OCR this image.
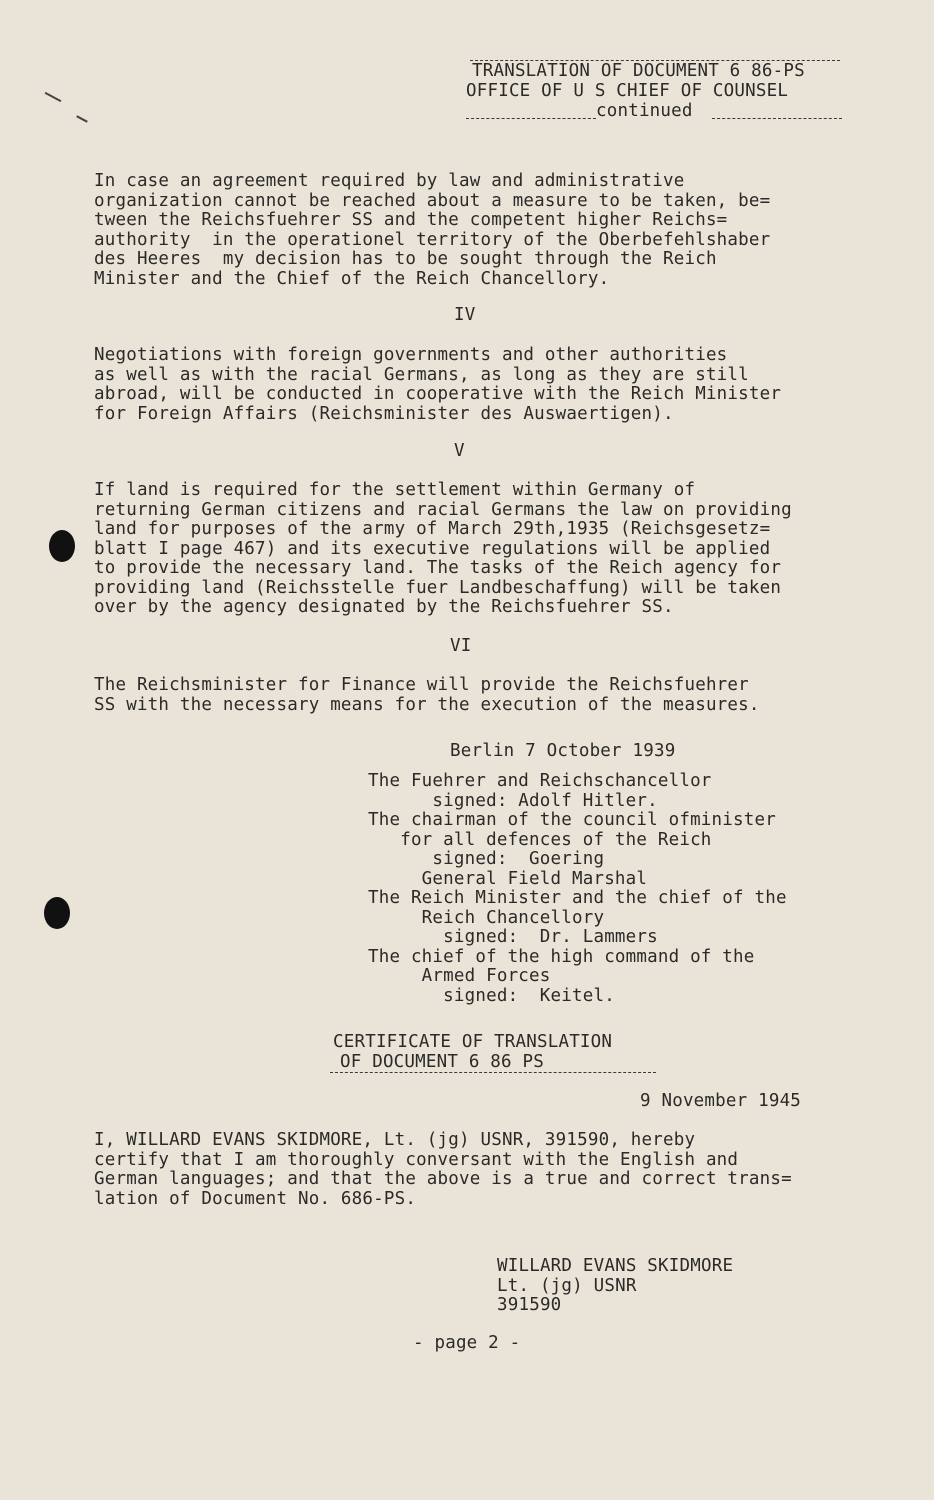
TRANSLATION OF DOCUMENT 6 86-PS

OFFICE OF U S CHIEF OF COUNSEL

continued

In case an agreement required by law and administrative
organization cannot be reached about a measure to be taken, be=
tween the Reichsfuehrer SS and the competent higher Reichs=
authority  in the operationel territory of the Oberbefehlshaber
des Heeres  my decision has to be sought through the Reich
Minister and the Chief of the Reich Chancellory.

IV

Negotiations with foreign governments and other authorities
as well as with the racial Germans, as long as they are still
abroad, will be conducted in cooperative with the Reich Minister
for Foreign Affairs (Reichsminister des Auswaertigen).

V

If land is required for the settlement within Germany of
returning German citizens and racial Germans the law on providing
land for purposes of the army of March 29th,1935 (Reichsgesetz=
blatt I page 467) and its executive regulations will be applied
to provide the necessary land. The tasks of the Reich agency for
providing land (Reichsstelle fuer Landbeschaffung) will be taken
over by the agency designated by the Reichsfuehrer SS.

VI

The Reichsminister for Finance will provide the Reichsfuehrer
SS with the necessary means for the execution of the measures.

Berlin 7 October 1939

The Fuehrer and Reichschancellor
signed: Adolf Hitler.
The chairman of the council ofminister
for all defences of the Reich
signed:  Goering
General Field Marshal
The Reich Minister and the chief of the
Reich Chancellory
signed:  Dr. Lammers
The chief of the high command of the
Armed Forces
signed:  Keitel.

CERTIFICATE OF TRANSLATION

OF DOCUMENT 6 86 PS

9 November 1945

I, WILLARD EVANS SKIDMORE, Lt. (jg) USNR, 391590, hereby
certify that I am thoroughly conversant with the English and
German languages; and that the above is a true and correct trans=
lation of Document No. 686-PS.

WILLARD EVANS SKIDMORE

Lt. (jg) USNR

391590

- page 2 -
